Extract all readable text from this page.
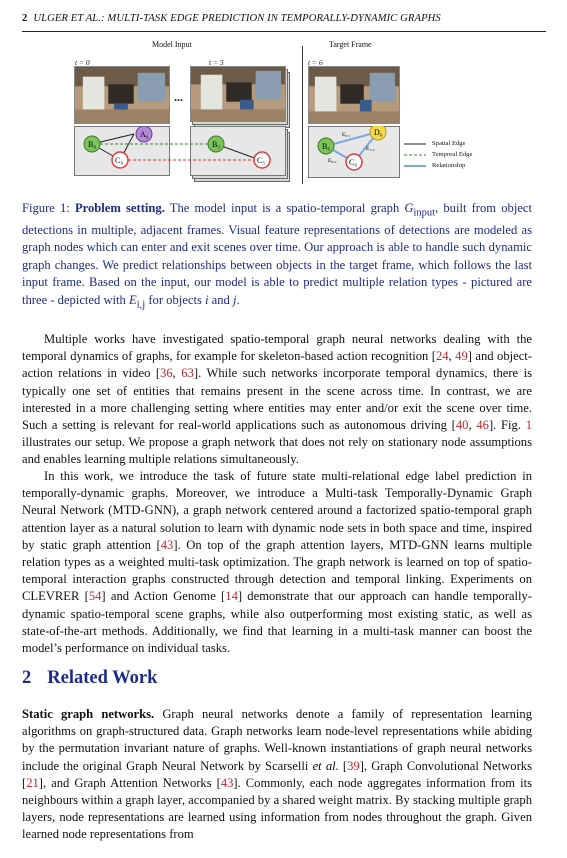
2 ULGER ET AL.: MULTI-TASK EDGE PREDICTION IN TEMPORALLY-DYNAMIC GRAPHS
Model Input	Target Frame
t = 0	t = 5	t = 6
...
B₀
A₀
C₀
B₅
C₅
B₆
D₆
C₆
E₀,₁
E₁,₂
E₀,₂
Spatial Edge
Temporal Edge
Relationship
Figure 1: Problem setting. The model input is a spatio-temporal graph $G_{input}$, built from object detections in multiple, adjacent frames. Visual feature representations of detections are modeled as graph nodes which can enter and exit scenes over time. Our approach is able to handle such dynamic graph changes. We predict relationships between objects in the target frame, which follows the last input frame. Based on the input, our model is able to predict multiple relation types - pictured are three - depicted with $E_{i,j}$ for objects i and j.

Multiple works have investigated spatio-temporal graph neural networks dealing with the temporal dynamics of graphs, for example for skeleton-based action recognition [24, 49] and object-action relations in video [36, 63]. While such networks incorporate temporal dynamics, there is typically one set of entities that remains present in the scene across time. In contrast, we are interested in a more challenging setting where entities may enter and/or exit the scene over time. Such a setting is relevant for real-world applications such as autonomous driving [40, 46]. Fig. 1 illustrates our setup. We propose a graph network that does not rely on stationary node assumptions and enables learning multiple relations simultaneously.

In this work, we introduce the task of future state multi-relational edge label prediction in temporally-dynamic graphs. Moreover, we introduce a Multi-task Temporally-Dynamic Graph Neural Network (MTD-GNN), a graph network centered around a factorized spatio-temporal graph attention layer as a natural solution to learn with dynamic node sets in both space and time, inspired by static graph attention [43]. On top of the graph attention layers, MTD-GNN learns multiple relation types as a weighted multi-task optimization. The graph network is learned on top of spatio-temporal interaction graphs constructed through detection and temporal linking. Experiments on CLEVRER [54] and Action Genome [14] demonstrate that our approach can handle temporally-dynamic spatio-temporal scene graphs, while also outperforming most existing static, as well as state-of-the-art methods. Additionally, we find that learning in a multi-task manner can boost the model’s performance on individual tasks.

2 Related Work

Static graph networks. Graph neural networks denote a family of representation learning algorithms on graph-structured data. Graph networks learn node-level representations while abiding by the permutation invariant nature of graphs. Well-known instantiations of graph neural networks include the original Graph Neural Network by Scarselli et al. [39], Graph Convolutional Networks [21], and Graph Attention Networks [43]. Commonly, each node aggregates information from its neighbours within a graph layer, accompanied by a shared weight matrix. By stacking multiple graph layers, node representations are learned using information from nodes throughout the graph. Given learned node representations from
